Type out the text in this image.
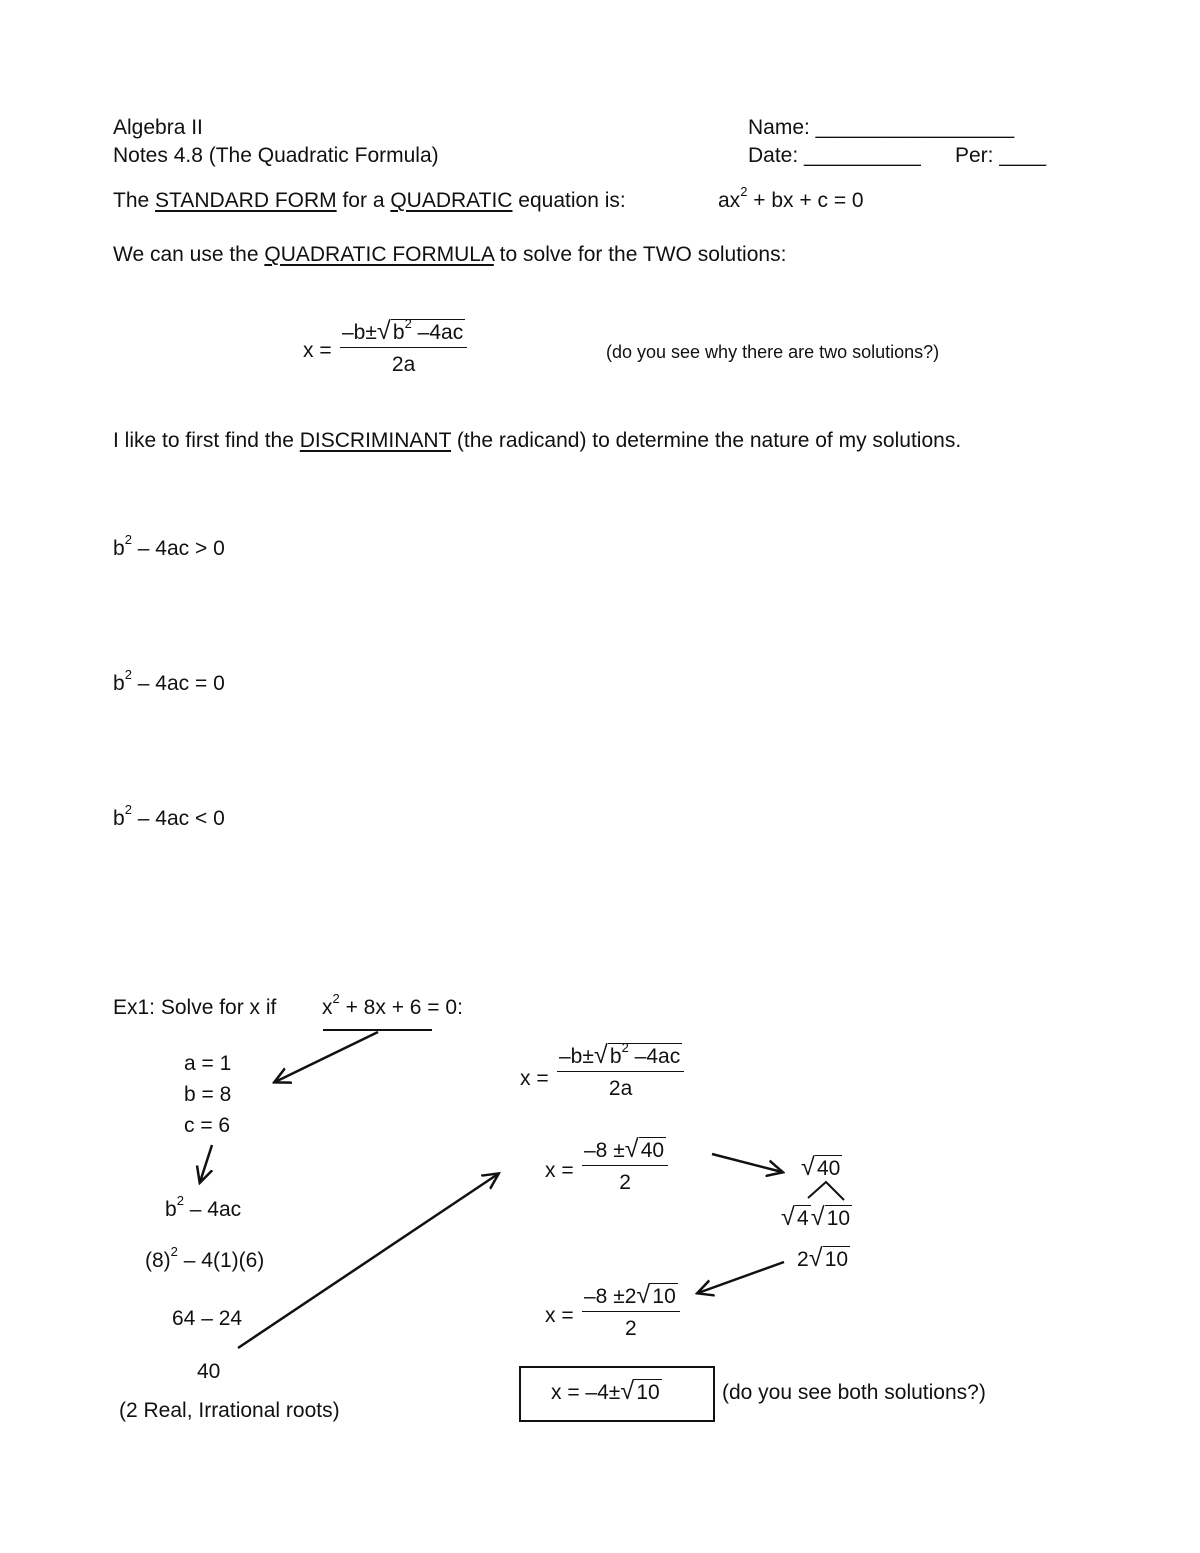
Algebra II
Notes 4.8 (The Quadratic Formula)
Name: _________________
Date: __________ Per: ____
The STANDARD FORM for a QUADRATIC equation is:	$ax^2$ + bx + c = 0
We can use the QUADRATIC FORMULA to solve for the TWO solutions:
$x = \frac{-b\pm √ b^2 -4ac}{2a}$	(do you see why there are two solutions?)
I like to first find the DISCRIMINANT (the radicand) to determine the nature of my solutions.
$b^2 - 4ac > 0$
$b^2 - 4ac = 0$
$b^2 - 4ac < 0$
Ex1: Solve for x if $x^2 + 8x + 6 = 0$:
a = 1
b = 8
c = 6
$b^2 - 4ac$
$(8)^2 - 4(1)(6)$
64 – 24
40
(2 Real, Irrational roots)
$x = \frac{-b\pm √ b^2 -4ac}{2a}$
$x = \frac{-8 \pm √ 40}{2}$	√ 40
√ 4 √ 10
2 √ 10
$x = \frac{-8 \pm 2 √ 10}{2}$
x = –4± √ 10	(do you see both solutions?)
